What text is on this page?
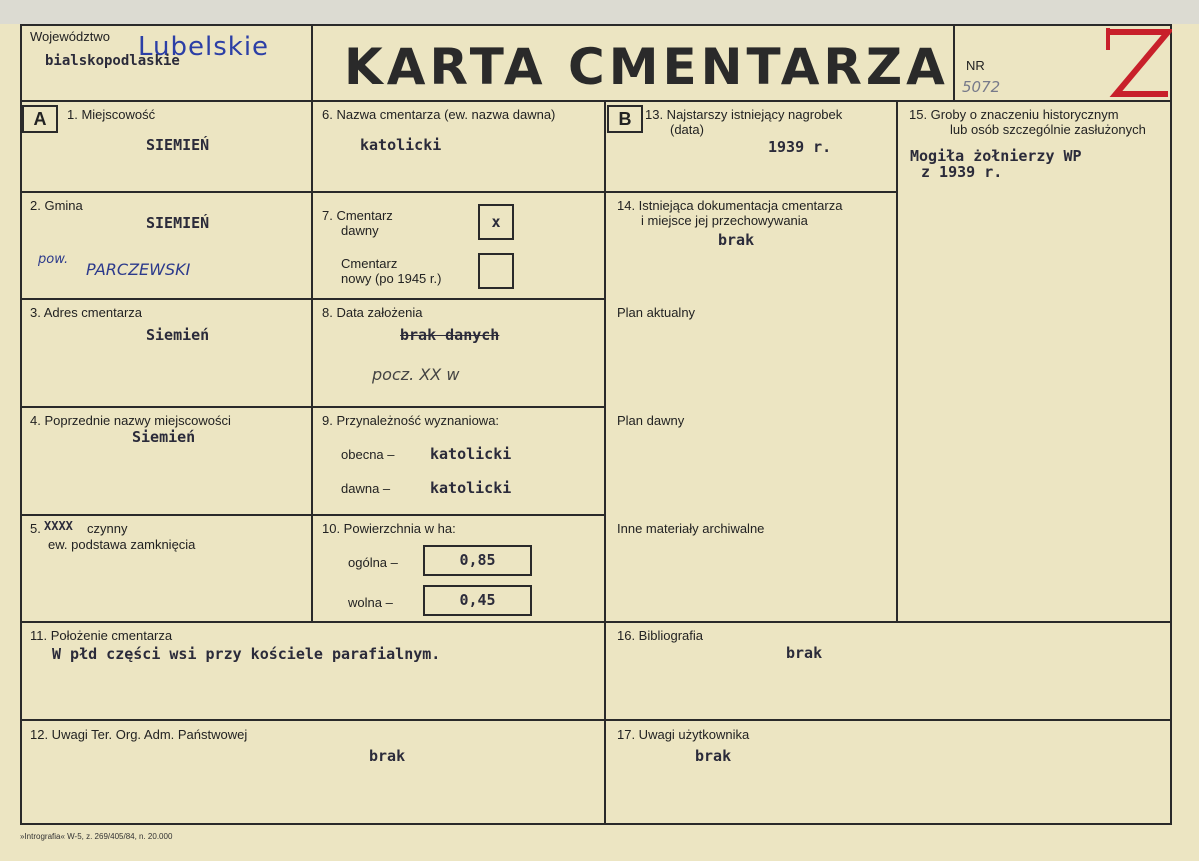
Województwo Lubelskie
bialskopodlaskie	KARTA CMENTARZA NR
5072
A	B
1. Miejscowość
SIEMIEŃ
2. Gmina
SIEMIEŃ
pow.
PARCZEWSKI
3. Adres cmentarza
Siemień
4. Poprzednie nazwy miejscowości
Siemień
5. XXXX czynny
ew. podstawa zamknięcia
6. Nazwa cmentarza (ew. nazwa dawna)
katolicki
7. Cmentarz
dawny	x
Cmentarz
nowy (po 1945 r.)
8. Data założenia
brak danych
pocz. XX w
9. Przynależność wyznaniowa:
obecna – katolicki
dawna –	katolicki
10. Powierzchnia w ha:
ogólna –	0,85
wolna –	0,45
11. Położenie cmentarza
W płd części wsi przy kościele parafialnym.
12. Uwagi Ter. Org. Adm. Państwowej
brak
13. Najstarszy istniejący nagrobek
(data)
1939 r.
14. Istniejąca dokumentacja cmentarza
i miejsce jej przechowywania
brak
Plan aktualny
Plan dawny
Inne materiały archiwalne
15. Groby o znaczeniu historycznym
lub osób szczególnie zasłużonych
Mogiła żołnierzy WP
z 1939 r.
16. Bibliografia
brak
17. Uwagi użytkownika
brak
»Intrografia« W-5, z. 269/405/84, n. 20.000
